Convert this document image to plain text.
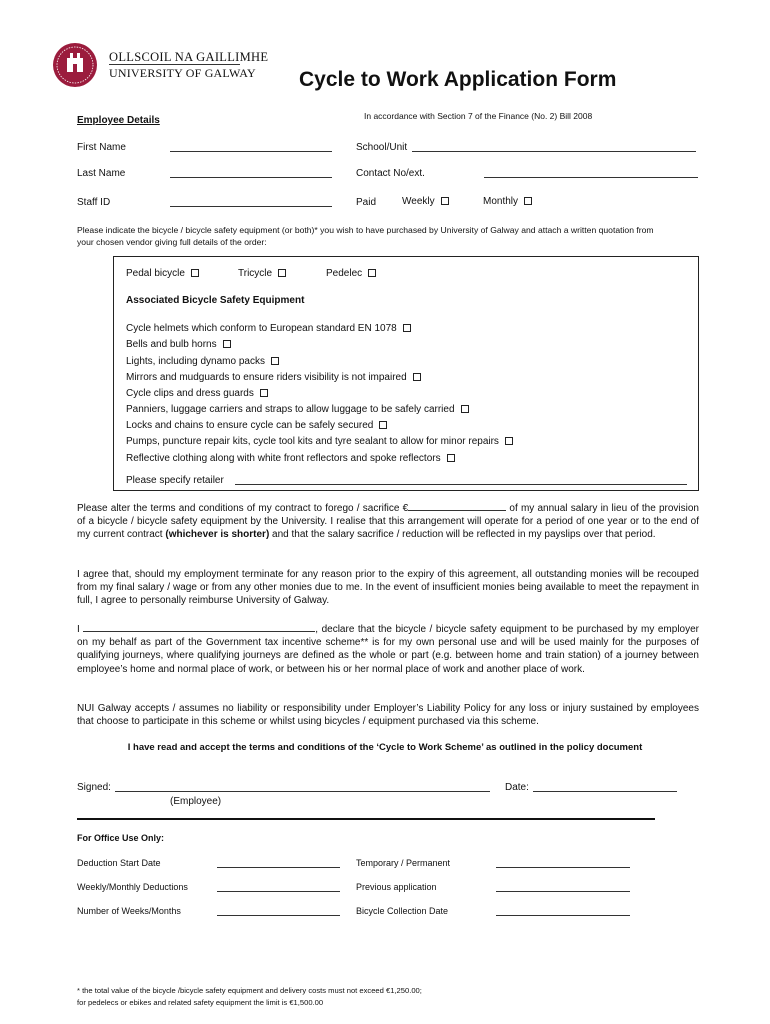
OLLSCOIL NA GAILLIMHE
UNIVERSITY OF GALWAY Cycle to Work Application Form
In accordance with Section 7 of the Finance (No. 2) Bill 2008
Employee Details
First Name	School/Unit
Last Name	Contact No/ext.
Staff ID	Paid	Weekly	Monthly
Please indicate the bicycle / bicycle safety equipment (or both)* you wish to have purchased by University of Galway and attach a written quotation from your chosen vendor giving full details of the order:
Pedal bicycle	Tricycle	Pedelec
Associated Bicycle Safety Equipment
Cycle helmets which conform to European standard EN 1078
Bells and bulb horns
Lights, including dynamo packs
Mirrors and mudguards to ensure riders visibility is not impaired
Cycle clips and dress guards
Panniers, luggage carriers and straps to allow luggage to be safely carried
Locks and chains to ensure cycle can be safely secured
Pumps, puncture repair kits, cycle tool kits and tyre sealant to allow for minor repairs
Reflective clothing along with white front reflectors and spoke reflectors
Please specify retailer
Please alter the terms and conditions of my contract to forego / sacrifice €	of my annual salary in lieu of the provision of a bicycle / bicycle safety equipment by the University. I realise that this arrangement will operate for a period of one year or to the end of my current contract (whichever is shorter) and that the salary sacrifice / reduction will be reflected in my payslips over that period.
I agree that, should my employment terminate for any reason prior to the expiry of this agreement, all outstanding monies will be recouped from my final salary / wage or from any other monies due to me. In the event of insufficient monies being available to meet the repayment in full, I agree to personally reimburse University of Galway.
I	, declare that the bicycle / bicycle safety equipment to be purchased by my employer on my behalf as part of the Government tax incentive scheme** is for my own personal use and will be used mainly for the purposes of qualifying journeys, where qualifying journeys are defined as the whole or part (e.g. between home and train station) of a journey between employee’s home and normal place of work, or between his or her normal place of work and another place of work.
NUI Galway accepts / assumes no liability or responsibility under Employer’s Liability Policy for any loss or injury sustained by employees that choose to participate in this scheme or whilst using bicycles / equipment purchased via this scheme.
I have read and accept the terms and conditions of the ‘Cycle to Work Scheme’ as outlined in the policy document
Signed:	Date:
(Employee)
For Office Use Only:
Deduction Start Date	Temporary / Permanent
Weekly/Monthly Deductions	Previous application
Number of Weeks/Months	Bicycle Collection Date
* the total value of the bicycle /bicycle safety equipment and delivery costs must not exceed €1,250.00;
for pedelecs or ebikes and related safety equipment the limit is €1,500.00
